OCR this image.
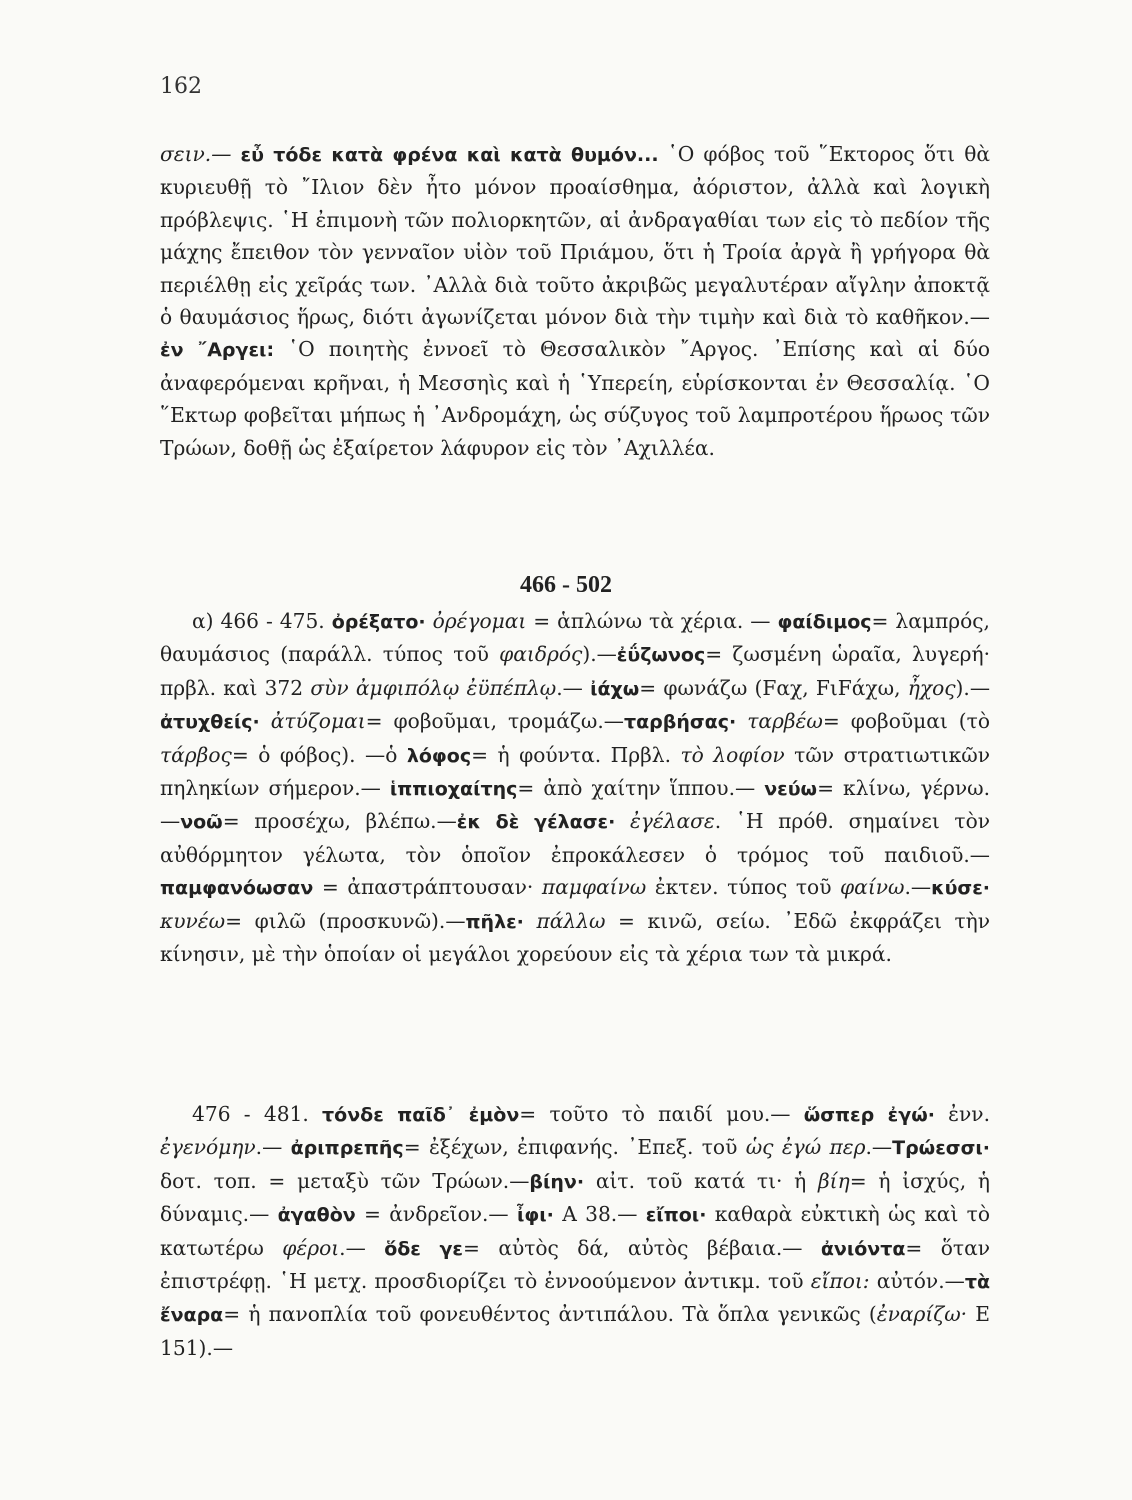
162

σειν.— εὖ τόδε κατὰ φρένα καὶ κατὰ θυμόν... ῾Ο φόβος τοῦ ῞Εκτορος ὅτι θὰ κυριευθῇ τὸ ῎Ιλιον δὲν ἦτο μόνον προαίσθημα, ἀόριστον, ἀλλὰ καὶ λογικὴ πρόβλεψις. ῾Η ἐπιμονὴ τῶν πολιορκητῶν, αἱ ἀνδραγαθίαι των εἰς τὸ πεδίον τῆς μάχης ἔπειθον τὸν γενναῖον υἱὸν τοῦ Πριάμου, ὅτι ἡ Τροία ἀργὰ ἢ γρήγορα θὰ περιέλθῃ εἰς χεῖράς των. ᾿Αλλὰ διὰ τοῦτο ἀκριβῶς μεγαλυτέραν αἴγλην ἀποκτᾷ ὁ θαυμάσιος ἥρως, διότι ἀγωνίζεται μόνον διὰ τὴν τιμὴν καὶ διὰ τὸ καθῆκον.— ἐν ῎Αργει: ῾Ο ποιητὴς ἐννοεῖ τὸ Θεσσαλικὸν ῎Αργος. ᾿Επίσης καὶ αἱ δύο ἀναφερόμεναι κρῆναι, ἡ Μεσσηὶς καὶ ἡ ῾Υπερείη, εὑρίσκονται ἐν Θεσσαλίᾳ. ῾Ο ῞Εκτωρ φοβεῖται μήπως ἡ ᾿Ανδρομάχη, ὡς σύζυγος τοῦ λαμπροτέρου ἥρωος τῶν Τρώων, δοθῇ ὡς ἐξαίρετον λάφυρον εἰς τὸν ᾿Αχιλλέα.

466 - 502

α) 466 - 475. ὀρέξατο· ὀρέγομαι = ἁπλώνω τὰ χέρια. — φαίδιμος= λαμπρός, θαυμάσιος (παράλλ. τύπος τοῦ φαιδρός).—ἐΰζωνος= ζωσμένη ὡραῖα, λυγερή· πρβλ. καὶ 372 σὺν ἀμφιπόλῳ ἐϋπέπλῳ.— ἰάχω= φωνάζω (Fαχ, FιFάχω, ἦχος).—ἀτυχθείς· ἀτύζομαι= φοβοῦμαι, τρομάζω.—ταρβήσας· ταρβέω= φοβοῦμαι (τὸ τάρβος= ὁ φόβος). —ὁ λόφος= ἡ φούντα. Πρβλ. τὸ λοφίον τῶν στρατιωτικῶν πηληκίων σήμερον.— ἱππιοχαίτης= ἀπὸ χαίτην ἵππου.— νεύω= κλίνω, γέρνω. —νοῶ= προσέχω, βλέπω.—ἐκ δὲ γέλασε· ἐγέλασε. ῾Η πρόθ. σημαίνει τὸν αὐθόρμητον γέλωτα, τὸν ὁποῖον ἐπροκάλεσεν ὁ τρόμος τοῦ παιδιοῦ.—παμφανόωσαν = ἀπαστράπτουσαν· παμφαίνω ἐκτεν. τύπος τοῦ φαίνω.—κύσε· κυνέω= φιλῶ (προσκυνῶ).—πῆλε· πάλλω = κινῶ, σείω. ᾿Εδῶ ἐκφράζει τὴν κίνησιν, μὲ τὴν ὁποίαν οἱ μεγάλοι χορεύουν εἰς τὰ χέρια των τὰ μικρά.

476 - 481. τόνδε παῖδ᾿ ἐμὸν= τοῦτο τὸ παιδί μου.— ὥσπερ ἐγώ· ἐνν. ἐγενόμην.— ἀριπρεπῆς= ἐξέχων, ἐπιφανής. ᾿Επεξ. τοῦ ὡς ἐγώ περ.—Τρώεσσι· δοτ. τοπ. = μεταξὺ τῶν Τρώων.—βίην· αἰτ. τοῦ κατά τι· ἡ βίη= ἡ ἰσχύς, ἡ δύναμις.— ἀγαθὸν = ἀνδρεῖον.— ἶφι· Α 38.— εἴποι· καθαρὰ εὐκτικὴ ὡς καὶ τὸ κατωτέρω φέροι.— ὅδε γε= αὐτὸς δά, αὐτὸς βέβαια.— ἀνιόντα= ὅταν ἐπιστρέφῃ. ῾Η μετχ. προσδιορίζει τὸ ἐννοούμενον ἀντικμ. τοῦ εἴποι: αὐτόν.—τὰ ἔναρα= ἡ πανοπλία τοῦ φονευθέντος ἀντιπάλου. Τὰ ὅπλα γενικῶς (ἐναρίζω· Ε 151).—
